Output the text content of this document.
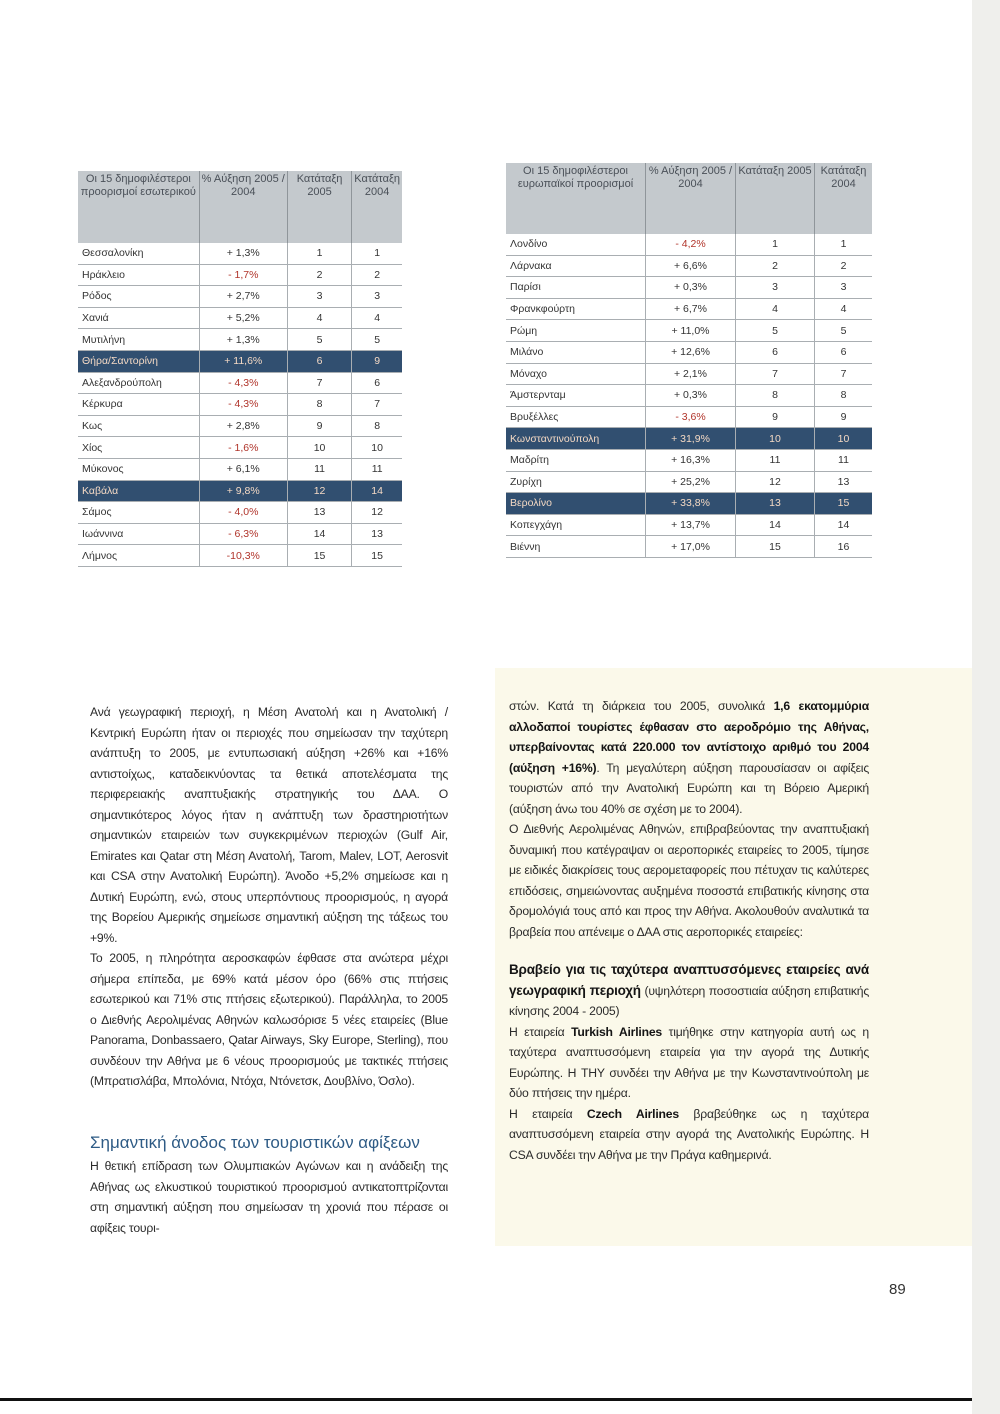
Οι 15 δημοφιλέστεροι προορισμοί εσωτερικού	% Αύξηση 2005 / 2004	Κατάταξη 2005	Κατάταξη 2004
Θεσσαλονίκη	+ 1,3%	1	1
Ηράκλειο	- 1,7%	2	2
Ρόδος	+ 2,7%	3	3
Χανιά	+ 5,2%	4	4
Μυτιλήνη	+ 1,3%	5	5
Θήρα/Σαντορίνη	+ 11,6%	6	9
Αλεξανδρούπολη	- 4,3%	7	6
Κέρκυρα	- 4,3%	8	7
Κως	+ 2,8%	9	8
Χίος	- 1,6%	10	10
Μύκονος	+ 6,1%	11	11
Καβάλα	+ 9,8%	12	14
Σάμος	- 4,0%	13	12
Ιωάννινα	- 6,3%	14	13
Λήμνος	-10,3%	15	15
Οι 15 δημοφιλέστεροι ευρωπαϊκοί προορισμοί	% Αύξηση 2005 / 2004	Κατάταξη 2005	Κατάταξη 2004
Λονδίνο	- 4,2%	1	1
Λάρνακα	+ 6,6%	2	2
Παρίσι	+ 0,3%	3	3
Φρανκφούρτη	+ 6,7%	4	4
Ρώμη	+ 11,0%	5	5
Μιλάνο	+ 12,6%	6	6
Μόναχο	+ 2,1%	7	7
Άμστερνταμ	+ 0,3%	8	8
Βρυξέλλες	- 3,6%	9	9
Κωνσταντινούπολη	+ 31,9%	10	10
Μαδρίτη	+ 16,3%	11	11
Ζυρίχη	+ 25,2%	12	13
Βερολίνο	+ 33,8%	13	15
Κοπεγχάγη	+ 13,7%	14	14
Βιέννη	+ 17,0%	15	16

Ανά γεωγραφική περιοχή, η Μέση Ανατολή και η Ανατολική / Κεντρική Ευρώπη ήταν οι περιοχές που σημείωσαν την ταχύτερη ανάπτυξη το 2005, με εντυπωσιακή αύξηση +26% και +16% αντιστοίχως, καταδεικνύοντας τα θετικά αποτελέσματα της περιφερειακής αναπτυξιακής στρατηγικής του ΔΑΑ. Ο σημαντικότερος λόγος ήταν η ανάπτυξη των δραστηριοτήτων σημαντικών εταιρειών των συγκεκριμένων περιοχών (Gulf Air, Emirates και Qatar στη Μέση Ανατολή, Tarom, Malev, LOT, Aerosvit και CSA στην Ανατολική Ευρώπη). Άνοδο +5,2% σημείωσε και η Δυτική Ευρώπη, ενώ, στους υπερπόντιους προορισμούς, η αγορά της Βορείου Αμερικής σημείωσε σημαντική αύξηση της τάξεως του +9%.

Το 2005, η πληρότητα αεροσκαφών έφθασε στα ανώτερα μέχρι σήμερα επίπεδα, με 69% κατά μέσον όρο (66% στις πτήσεις εσωτερικού και 71% στις πτήσεις εξωτερικού). Παράλληλα, το 2005 ο Διεθνής Αερολιμένας Αθηνών καλωσόρισε 5 νέες εταιρείες (Blue Panorama, Donbassaero, Qatar Airways, Sky Europe, Sterling), που συνδέουν την Αθήνα με 6 νέους προορισμούς με τακτικές πτήσεις (Μπρατισλάβα, Μπολόνια, Ντόχα, Ντόνετσκ, Δουβλίνο, Όσλο).

Σημαντική άνοδος των τουριστικών αφίξεων

Η θετική επίδραση των Ολυμπιακών Αγώνων και η ανάδειξη της Αθήνας ως ελκυστικού τουριστικού προορισμού αντικατοπτρίζονται στη σημαντική αύξηση που σημείωσαν τη χρονιά που πέρασε οι αφίξεις τουρι-

στών. Κατά τη διάρκεια του 2005, συνολικά 1,6 εκατομμύρια αλλοδαποί τουρίστες έφθασαν στο αεροδρόμιο της Αθήνας, υπερβαίνοντας κατά 220.000 τον αντίστοιχο αριθμό του 2004 (αύξηση +16%). Τη μεγαλύτερη αύξηση παρουσίασαν οι αφίξεις τουριστών από την Ανατολική Ευρώπη και τη Βόρειο Αμερική (αύξηση άνω του 40% σε σχέση με το 2004).

Ο Διεθνής Αερολιμένας Αθηνών, επιβραβεύοντας την αναπτυξιακή δυναμική που κατέγραψαν οι αεροπορικές εταιρείες το 2005, τίμησε με ειδικές διακρίσεις τους αερομεταφορείς που πέτυχαν τις καλύτερες επιδόσεις, σημειώνοντας αυξημένα ποσοστά επιβατικής κίνησης στα δρομολόγιά τους από και προς την Αθήνα. Ακολουθούν αναλυτικά τα βραβεία που απένειμε ο ΔΑΑ στις αεροπορικές εταιρείες:

Βραβείο για τις ταχύτερα αναπτυσσόμενες εταιρείες ανά γεωγραφική περιοχή (υψηλότερη ποσοστιαία αύξηση επιβατικής κίνησης 2004 - 2005)

Η εταιρεία Turkish Airlines τιμήθηκε στην κατηγορία αυτή ως η ταχύτερα αναπτυσσόμενη εταιρεία για την αγορά της Δυτικής Ευρώπης. Η THY συνδέει την Αθήνα με την Κωνσταντινούπολη με δύο πτήσεις την ημέρα.

Η εταιρεία Czech Airlines βραβεύθηκε ως η ταχύτερα αναπτυσσόμενη εταιρεία στην αγορά της Ανατολικής Ευρώπης. Η CSA συνδέει την Αθήνα με την Πράγα καθημερινά.

89
